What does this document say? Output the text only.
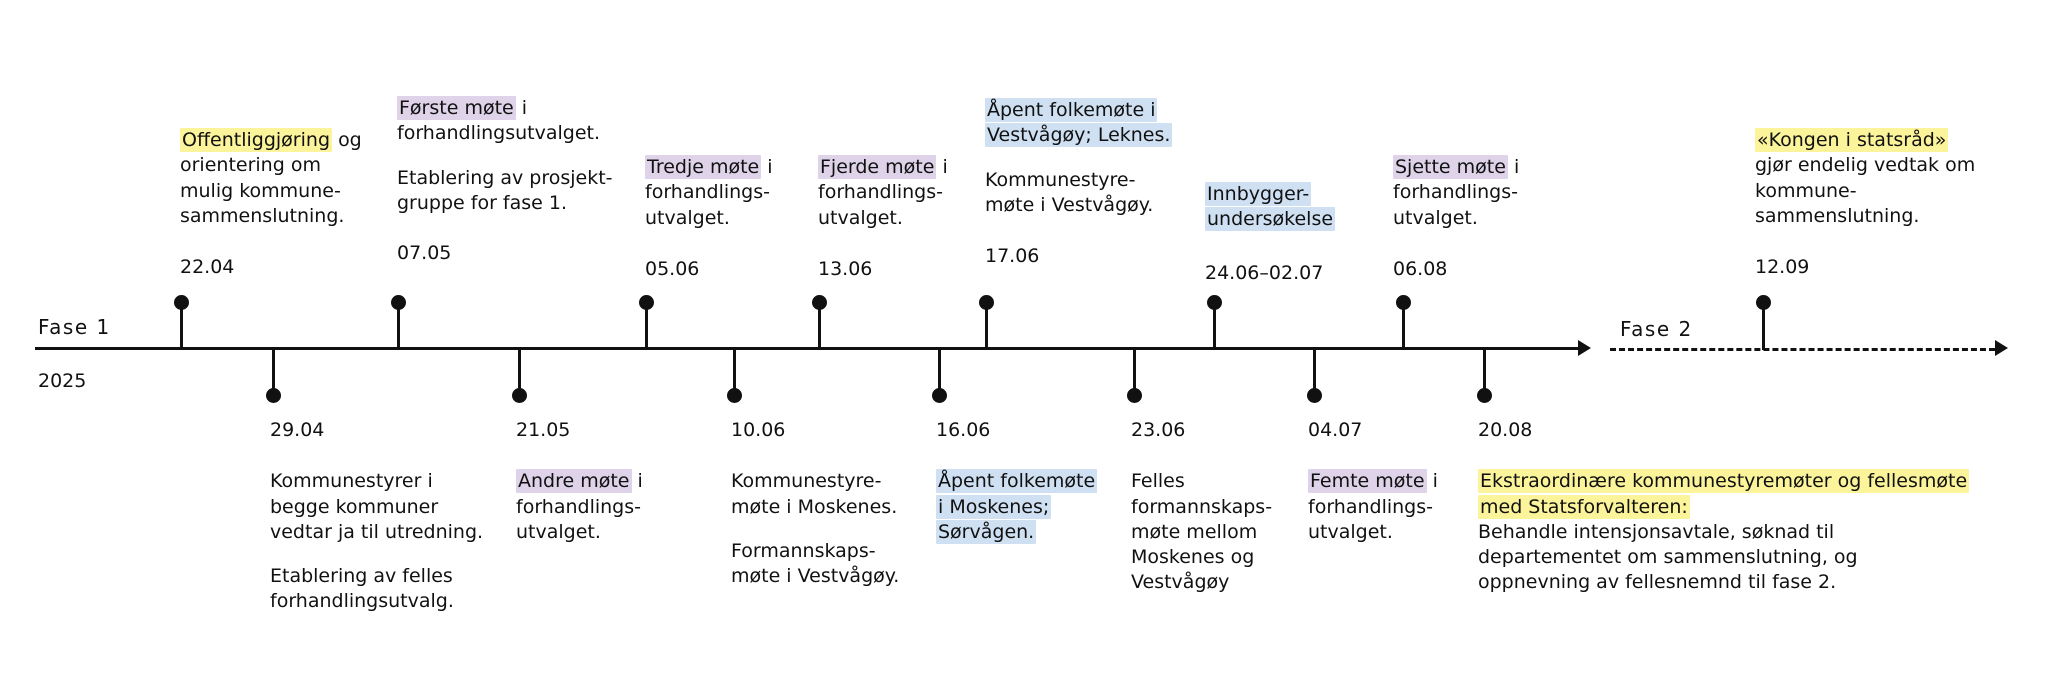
Fase 1	Fase 2
2025

Offentliggjøring og orientering om mulig kommune-sammenslutning.

22.04

Første møte i forhandlingsutvalget.

Etablering av prosjekt-gruppe for fase 1.

07.05

Tredje møte i forhandlings-utvalget.

05.06

Fjerde møte i forhandlings-utvalget.

13.06

Åpent folkemøte i Vestvågøy; Leknes.

Kommunestyre-møte i Vestvågøy.

17.06

Innbygger-undersøkelse

24.06–02.07

Sjette møte i forhandlings-utvalget.

06.08

«Kongen i statsråd» gjør endelig vedtak om kommune-sammenslutning.

12.09
29.04

Kommunestyrer i begge kommuner vedtar ja til utredning.

Etablering av felles forhandlingsutvalg.

21.05

Andre møte i forhandlings-utvalget.

10.06

Kommunestyre-møte i Moskenes.

Formannskaps-møte i Vestvågøy.

16.06

Åpent folkemøte i Moskenes; Sørvågen.

23.06

Felles formannskaps-møte mellom Moskenes og Vestvågøy

04.07

Femte møte i forhandlings-utvalget.

20.08

Ekstraordinære kommunestyremøter og fellesmøte med Statsforvalteren:

Behandle intensjonsavtale, søknad til departementet om sammenslutning, og oppnevning av fellesnemnd til fase 2.
